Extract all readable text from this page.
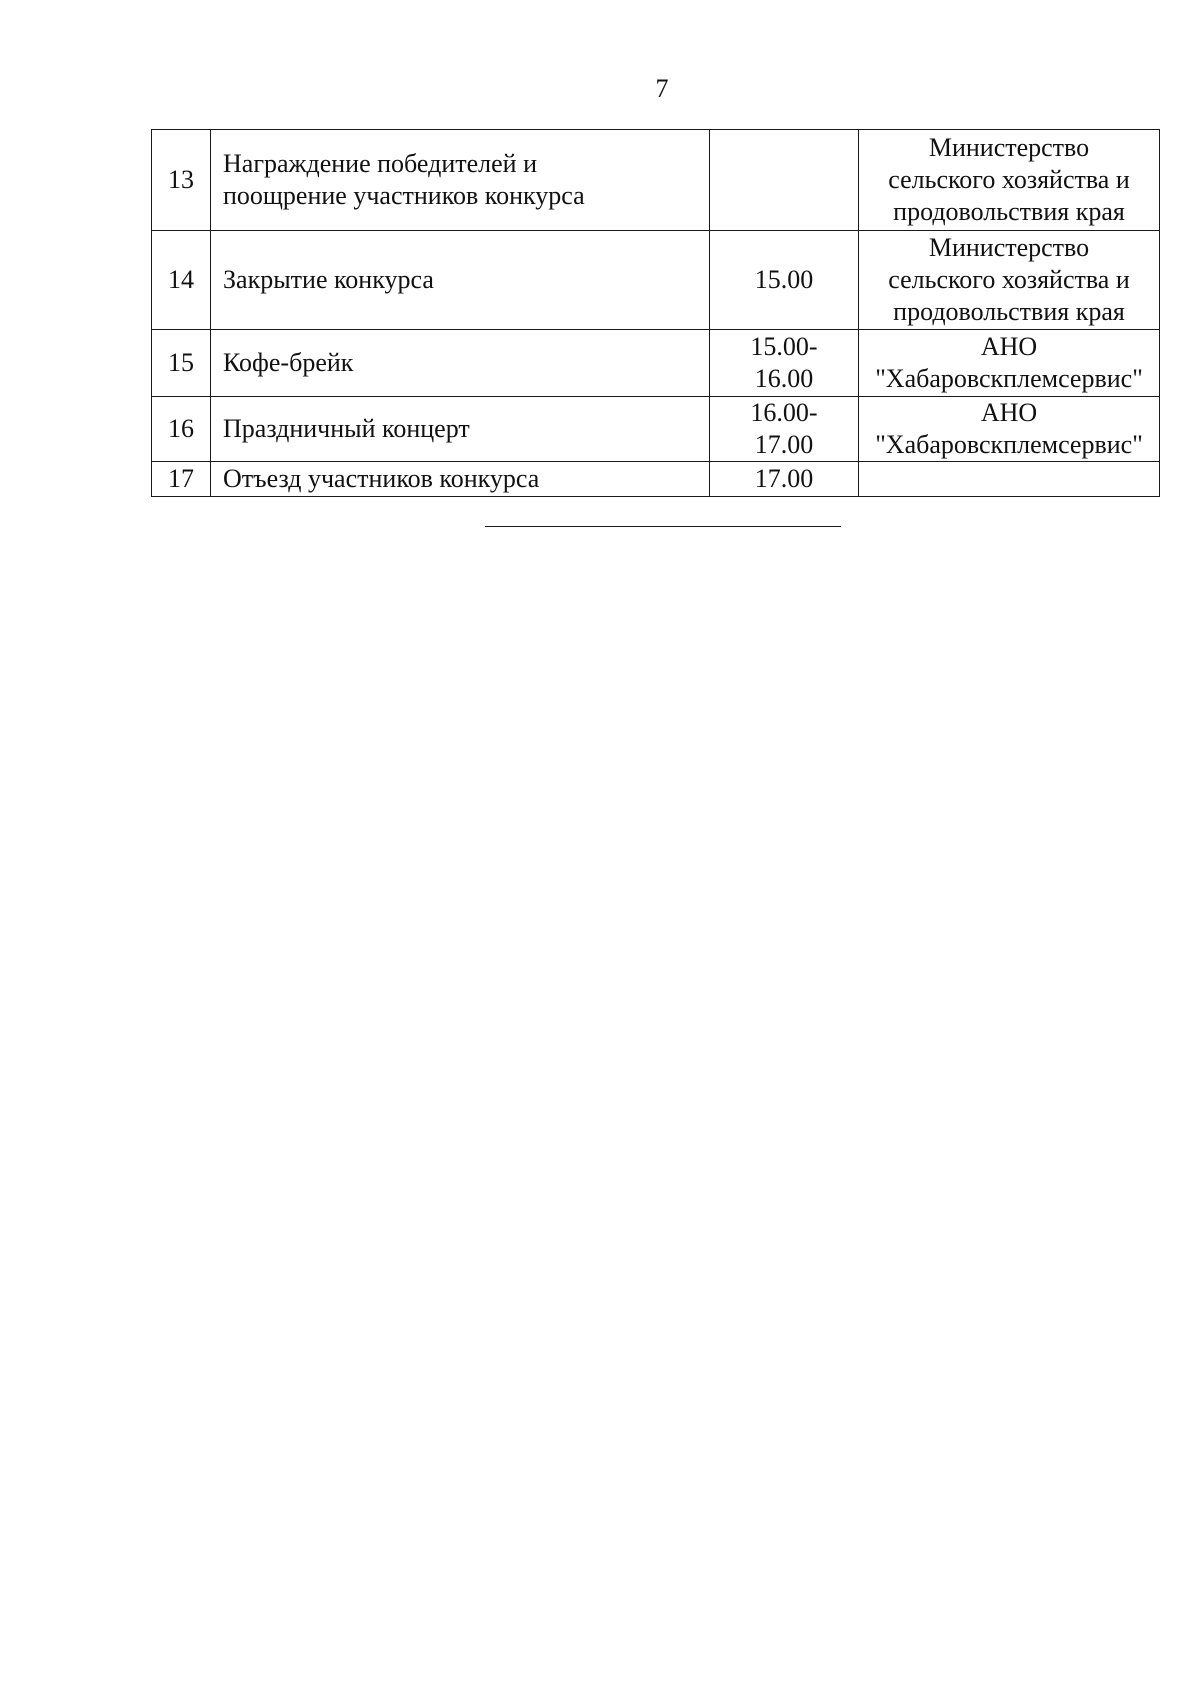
7
13	Награждение победителей и
поощрение участников конкурса		Министерство
сельского хозяйства и
продовольствия края

14	Закрытие конкурса	15.00	Министерство
сельского хозяйства и
продовольствия края

15	Кофе-брейк	15.00-
16.00	АНО
"Хабаровскплемсервис"

16	Праздничный концерт	16.00-
17.00	АНО
"Хабаровскплемсервис"

17	Отъезд участников конкурса	17.00	
